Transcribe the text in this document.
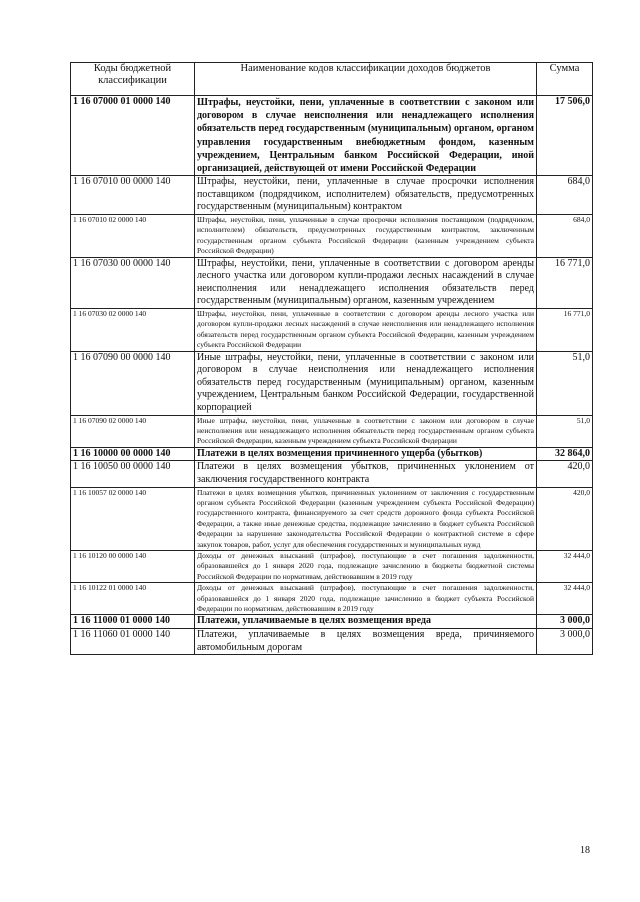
Коды бюджетной классификации	Наименование кодов классификации доходов бюджетов	Сумма
1 16 07000 01 0000 140	Штрафы, неустойки, пени, уплаченные в соответствии с законом или договором в случае неисполнения или ненадлежащего исполнения обязательств перед государственным (муниципальным) органом, органом управления государственным внебюджетным фондом, казенным учреждением, Центральным банком Российской Федерации, иной организацией, действующей от имени Российской Федерации	17 506,0
1 16 07010 00 0000 140	Штрафы, неустойки, пени, уплаченные в случае просрочки исполнения поставщиком (подрядчиком, исполнителем) обязательств, предусмотренных государственным (муниципальным) контрактом	684,0
1 16 07010 02 0000 140	Штрафы, неустойки, пени, уплаченные в случае просрочки исполнения поставщиком (подрядчиком, исполнителем) обязательств, предусмотренных государственным контрактом, заключенным государственным органом субъекта Российской Федерации (казенным учреждением субъекта Российской Федерации)	684,0
1 16 07030 00 0000 140	Штрафы, неустойки, пени, уплаченные в соответствии с договором аренды лесного участка или договором купли-продажи лесных насаждений в случае неисполнения или ненадлежащего исполнения обязательств перед государственным (муниципальным) органом, казенным учреждением	16 771,0
1 16 07030 02 0000 140	Штрафы, неустойки, пени, уплаченные в соответствии с договором аренды лесного участка или договором купли-продажи лесных насаждений в случае неисполнения или ненадлежащего исполнения обязательств перед государственным органом субъекта Российской Федерации, казенным учреждением субъекта Российской Федерации	16 771,0
1 16 07090 00 0000 140	Иные штрафы, неустойки, пени, уплаченные в соответствии с законом или договором в случае неисполнения или ненадлежащего исполнения обязательств перед государственным (муниципальным) органом, казенным учреждением, Центральным банком Российской Федерации, государственной корпорацией	51,0
1 16 07090 02 0000 140	Иные штрафы, неустойки, пени, уплаченные в соответствии с законом или договором в случае неисполнения или ненадлежащего исполнения обязательств перед государственным органом субъекта Российской Федерации, казенным учреждением субъекта Российской Федерации	51,0
1 16 10000 00 0000 140	Платежи в целях возмещения причиненного ущерба (убытков)	32 864,0
1 16 10050 00 0000 140	Платежи в целях возмещения убытков, причиненных уклонением от заключения государственного контракта	420,0
1 16 10057 02 0000 140	Платежи в целях возмещения убытков, причиненных уклонением от заключения с государственным органом субъекта Российской Федерации (казенным учреждением субъекта Российской Федерации) государственного контракта, финансируемого за счет средств дорожного фонда субъекта Российской Федерации, а также иные денежные средства, подлежащие зачислению в бюджет субъекта Российской Федерации за нарушение законодательства Российской Федерации о контрактной системе в сфере закупок товаров, работ, услуг для обеспечения государственных и муниципальных нужд	420,0
1 16 10120 00 0000 140	Доходы от денежных взысканий (штрафов), поступающие в счет погашения задолженности, образовавшейся до 1 января 2020 года, подлежащие зачислению в бюджеты бюджетной системы Российской Федерации по нормативам, действовавшим в 2019 году	32 444,0
1 16 10122 01 0000 140	Доходы от денежных взысканий (штрафов), поступающие в счет погашения задолженности, образовавшейся до 1 января 2020 года, подлежащие зачислению в бюджет субъекта Российской Федерации по нормативам, действовавшим в 2019 году	32 444,0
1 16 11000 01 0000 140	Платежи, уплачиваемые в целях возмещения вреда	3 000,0
1 16 11060 01 0000 140	Платежи, уплачиваемые в целях возмещения вреда, причиняемого автомобильным дорогам	3 000,0
18
